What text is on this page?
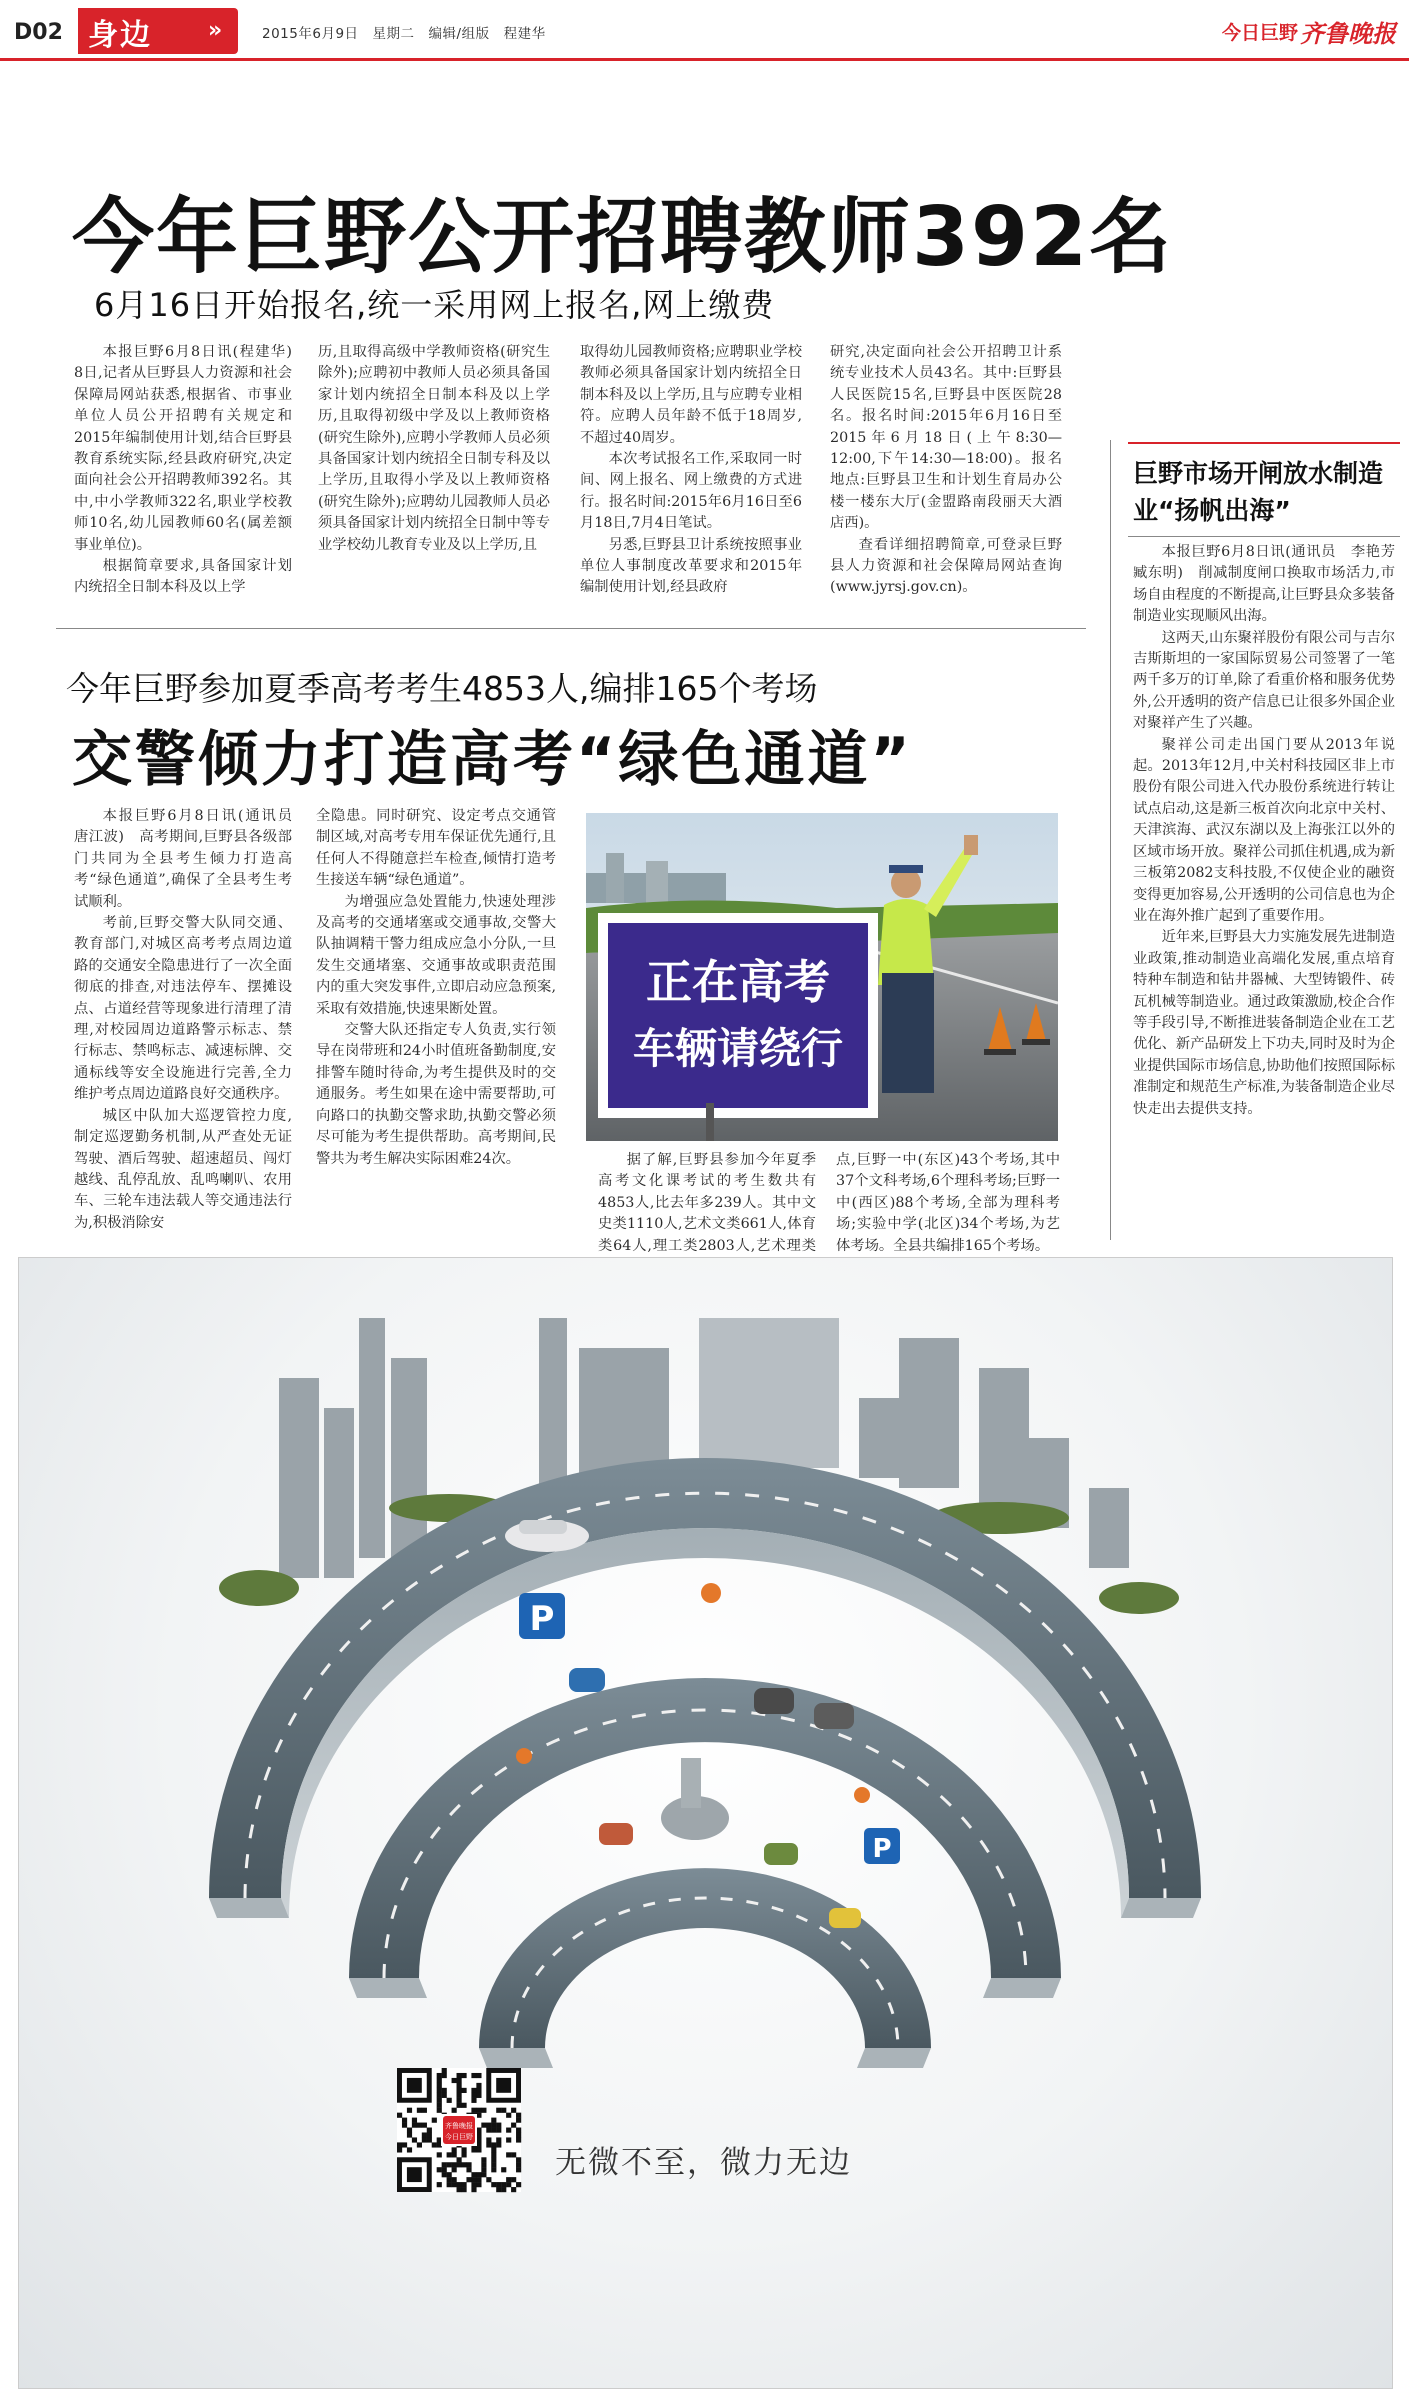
D02 身边	»	2015年6月9日　星期二　编辑/组版　程建华	今日巨野 齐鲁晚报
今年巨野公开招聘教师392名
6月16日开始报名,统一采用网上报名,网上缴费

本报巨野6月8日讯(程建华)　8日,记者从巨野县人力资源和社会保障局网站获悉,根据省、市事业单位人员公开招聘有关规定和2015年编制使用计划,结合巨野县教育系统实际,经县政府研究,决定面向社会公开招聘教师392名。其中,中小学教师322名,职业学校教师10名,幼儿园教师60名(属差额事业单位)。

根据简章要求,具备国家计划内统招全日制本科及以上学

历,且取得高级中学教师资格(研究生除外);应聘初中教师人员必须具备国家计划内统招全日制本科及以上学历,且取得初级中学及以上教师资格(研究生除外),应聘小学教师人员必须具备国家计划内统招全日制专科及以上学历,且取得小学及以上教师资格(研究生除外);应聘幼儿园教师人员必须具备国家计划内统招全日制中等专业学校幼儿教育专业及以上学历,且

取得幼儿园教师资格;应聘职业学校教师必须具备国家计划内统招全日制本科及以上学历,且与应聘专业相符。应聘人员年龄不低于18周岁,不超过40周岁。

本次考试报名工作,采取同一时间、网上报名、网上缴费的方式进行。报名时间:2015年6月16日至6月18日,7月4日笔试。

另悉,巨野县卫计系统按照事业单位人事制度改革要求和2015年编制使用计划,经县政府

研究,决定面向社会公开招聘卫计系统专业技术人员43名。其中:巨野县人民医院15名,巨野县中医医院28名。报名时间:2015年6月16日至2015年6月18日(上午8:30—12:00,下午14:30—18:00)。报名地点:巨野县卫生和计划生育局办公楼一楼东大厅(金盟路南段丽天大酒店西)。

查看详细招聘简章,可登录巨野县人力资源和社会保障局网站查询(www.jyrsj.gov.cn)。

今年巨野参加夏季高考考生4853人,编排165个考场
交警倾力打造高考“绿色通道”

本报巨野6月8日讯(通讯员　唐江波)　高考期间,巨野县各级部门共同为全县考生倾力打造高考“绿色通道”,确保了全县考生考试顺利。

考前,巨野交警大队同交通、教育部门,对城区高考考点周边道路的交通安全隐患进行了一次全面彻底的排查,对违法停车、摆摊设点、占道经营等现象进行清理了清理,对校园周边道路警示标志、禁行标志、禁鸣标志、减速标牌、交通标线等安全设施进行完善,全力维护考点周边道路良好交通秩序。

城区中队加大巡逻管控力度,制定巡逻勤务机制,从严查处无证驾驶、酒后驾驶、超速超员、闯灯越线、乱停乱放、乱鸣喇叭、农用车、三轮车违法载人等交通违法行为,积极消除安

全隐患。同时研究、设定考点交通管制区域,对高考专用车保证优先通行,且任何人不得随意拦车检查,倾情打造考生接送车辆“绿色通道”。

为增强应急处置能力,快速处理涉及高考的交通堵塞或交通事故,交警大队抽调精干警力组成应急小分队,一旦发生交通堵塞、交通事故或职责范围内的重大突发事件,立即启动应急预案,采取有效措施,快速果断处置。

交警大队还指定专人负责,实行领导在岗带班和24小时值班备勤制度,安排警车随时待命,为考生提供及时的交通服务。考生如果在途中需要帮助,可向路口的执勤交警求助,执勤交警必须尽可能为考生提供帮助。高考期间,民警共为考生解决实际困难24次。

正在高考
车辆请绕行

据了解,巨野县参加今年夏季高考文化课考试的考生数共有4853人,比去年多239人。其中文史类1110人,艺术文类661人,体育类64人,理工类2803人,艺术理类

点,巨野一中(东区)43个考场,其中37个文科考场,6个理科考场;巨野一中(西区)88个考场,全部为理科考场;实验中学(北区)34个考场,为艺体考场。全县共编排165个考场。

巨野市场开闸放水制造业“扬帆出海”

本报巨野6月8日讯(通讯员　李艳芳　臧东明)　削减制度闸口换取市场活力,市场自由程度的不断提高,让巨野县众多装备制造业实现顺风出海。

这两天,山东聚祥股份有限公司与吉尔吉斯斯坦的一家国际贸易公司签署了一笔两千多万的订单,除了看重价格和服务优势外,公开透明的资产信息已让很多外国企业对聚祥产生了兴趣。

聚祥公司走出国门要从2013年说起。2013年12月,中关村科技园区非上市股份有限公司进入代办股份系统进行转让试点启动,这是新三板首次向北京中关村、天津滨海、武汉东湖以及上海张江以外的区域市场开放。聚祥公司抓住机遇,成为新三板第2082支科技股,不仅使企业的融资变得更加容易,公开透明的公司信息也为企业在海外推广起到了重要作用。

近年来,巨野县大力实施发展先进制造业政策,推动制造业高端化发展,重点培育特种车制造和钻井器械、大型铸锻件、砖瓦机械等制造业。通过政策激励,校企合作等手段引导,不断推进装备制造企业在工艺优化、新产品研发上下功夫,同时及时为企业提供国际市场信息,协助他们按照国际标准制定和规范生产标准,为装备制造企业尽快走出去提供支持。

P
P
齐鲁晚报
今日巨野
无微不至，微力无边
